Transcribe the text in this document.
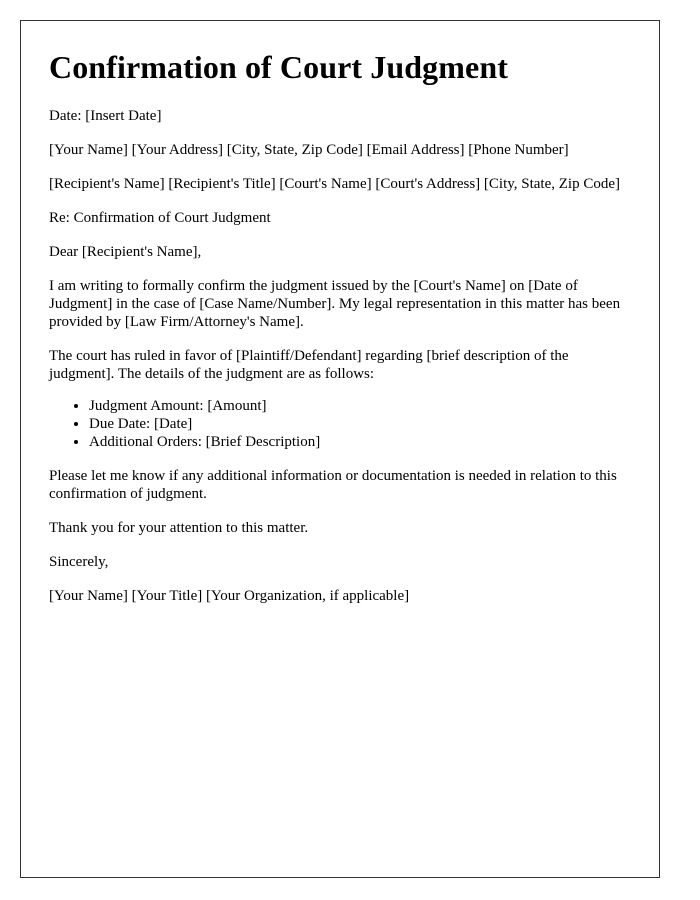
Confirmation of Court Judgment

Date: [Insert Date]

[Your Name] [Your Address] [City, State, Zip Code] [Email Address] [Phone Number]

[Recipient's Name] [Recipient's Title] [Court's Name] [Court's Address] [City, State, Zip Code]

Re: Confirmation of Court Judgment

Dear [Recipient's Name],

I am writing to formally confirm the judgment issued by the [Court's Name] on [Date of Judgment] in the case of [Case Name/Number]. My legal representation in this matter has been provided by [Law Firm/Attorney's Name].

The court has ruled in favor of [Plaintiff/Defendant] regarding [brief description of the judgment]. The details of the judgment are as follows:

• Judgment Amount: [Amount]
• Due Date: [Date]
• Additional Orders: [Brief Description]

Please let me know if any additional information or documentation is needed in relation to this confirmation of judgment.

Thank you for your attention to this matter.

Sincerely,

[Your Name] [Your Title] [Your Organization, if applicable]
